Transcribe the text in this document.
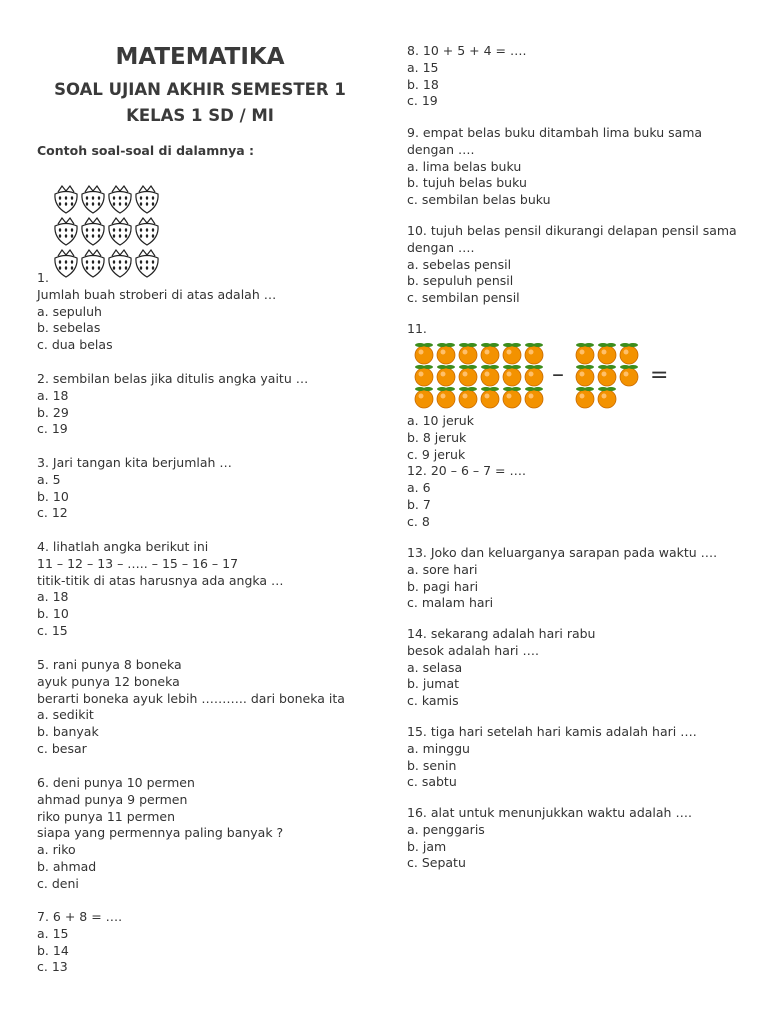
MATEMATIKA
SOAL UJIAN AKHIR SEMESTER 1
KELAS 1 SD / MI
Contoh soal-soal di dalamnya :
1.
Jumlah buah stroberi di atas adalah …
a. sepuluh
b. sebelas
c. dua belas
2. sembilan belas jika ditulis angka yaitu …
a. 18
b. 29
c. 19
3. Jari tangan kita berjumlah …
a. 5
b. 10
c. 12
4. lihatlah angka berikut ini
11 – 12 – 13 – ….. – 15 – 16 – 17
titik-titik di atas harusnya ada angka …
a. 18
b. 10
c. 15
5. rani punya 8 boneka
ayuk punya 12 boneka
berarti boneka ayuk lebih ……….. dari boneka ita
a. sedikit
b. banyak
c. besar
6. deni punya 10 permen
ahmad punya 9 permen
riko punya 11 permen
siapa yang permennya paling banyak ?
a. riko
b. ahmad
c. deni
7. 6 + 8 = ….
a. 15
b. 14
c. 13
8. 10 + 5 + 4 = ….
a. 15
b. 18
c. 19
9. empat belas buku ditambah lima buku sama
dengan ….
a. lima belas buku
b. tujuh belas buku
c. sembilan belas buku
10. tujuh belas pensil dikurangi delapan pensil sama
dengan ….
a. sebelas pensil
b. sepuluh pensil
c. sembilan pensil
11.
–	=
a. 10 jeruk
b. 8 jeruk
c. 9 jeruk
12. 20 – 6 – 7 = ….
a. 6
b. 7
c. 8
13. Joko dan keluarganya sarapan pada waktu ….
a. sore hari
b. pagi hari
c. malam hari
14. sekarang adalah hari rabu
besok adalah hari ….
a. selasa
b. jumat
c. kamis
15. tiga hari setelah hari kamis adalah hari ….
a. minggu
b. senin
c. sabtu
16. alat untuk menunjukkan waktu adalah ….
a. penggaris
b. jam
c. Sepatu
